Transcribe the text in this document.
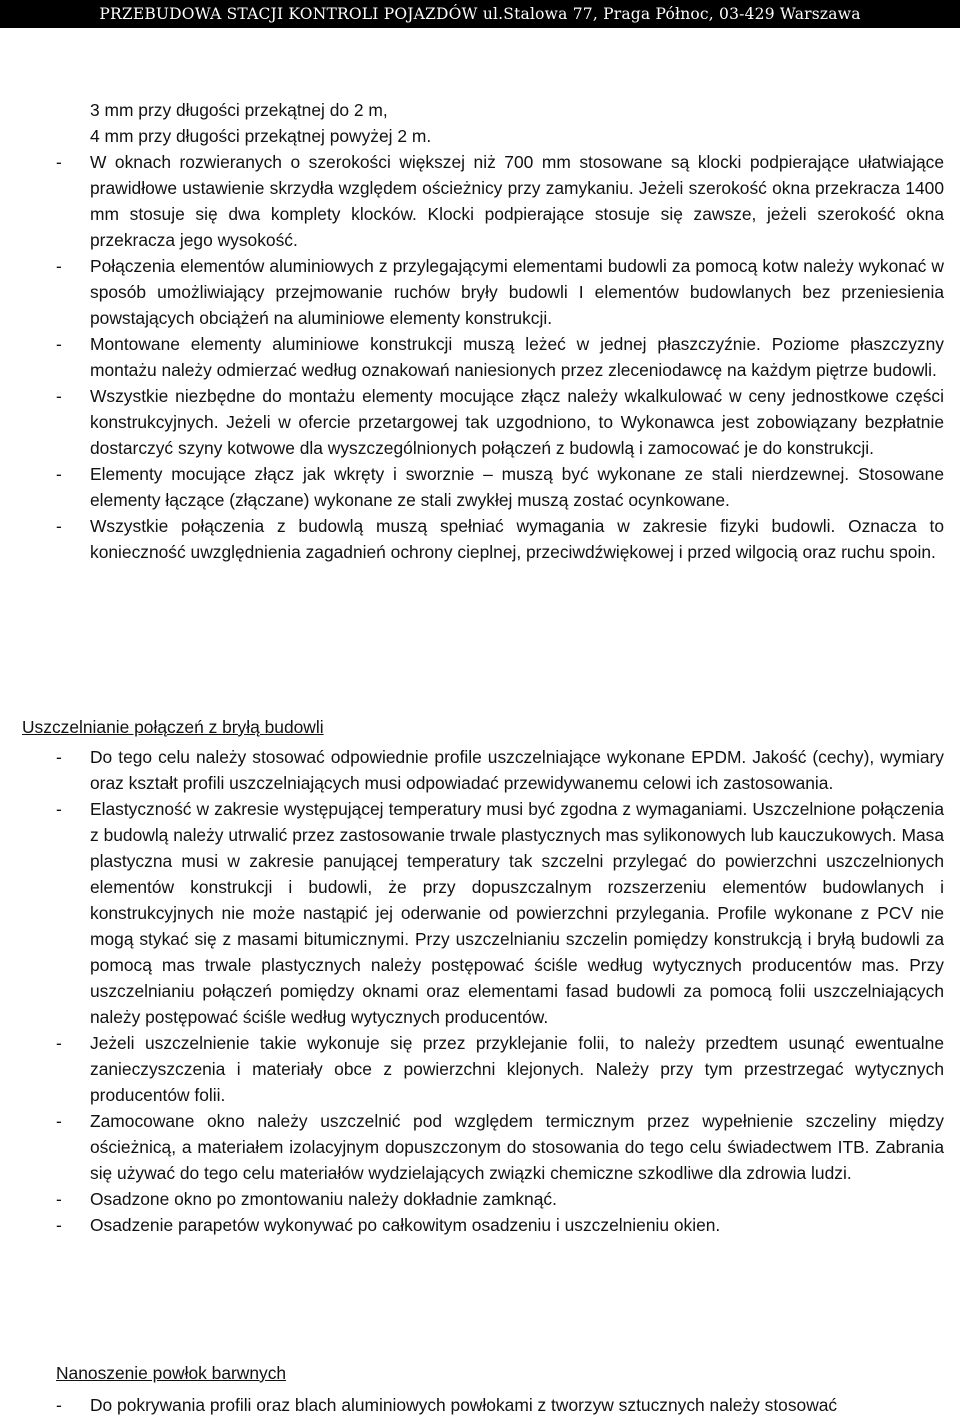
PRZEBUDOWA STACJI KONTROLI POJAZDÓW ul.Stalowa 77, Praga Północ, 03-429 Warszawa
3 mm przy długości przekątnej do 2 m,
4 mm przy długości przekątnej powyżej 2 m.
- W oknach rozwieranych o szerokości większej niż 700 mm stosowane są klocki podpierające ułatwiające prawidłowe ustawienie skrzydła względem ościeżnicy przy zamykaniu. Jeżeli szerokość okna przekracza 1400 mm stosuje się dwa komplety klocków. Klocki podpierające stosuje się zawsze, jeżeli szerokość okna przekracza jego wysokość.
- Połączenia elementów aluminiowych z przylegającymi elementami budowli za pomocą kotw należy wykonać w sposób umożliwiający przejmowanie ruchów bryły budowli I elementów budowlanych bez przeniesienia powstających obciążeń na aluminiowe elementy konstrukcji.
- Montowane elementy aluminiowe konstrukcji muszą leżeć w jednej płaszczyźnie. Poziome płaszczyzny montażu należy odmierzać według oznakowań naniesionych przez zleceniodawcę na każdym piętrze budowli.
- Wszystkie niezbędne do montażu elementy mocujące złącz należy wkalkulować w ceny jednostkowe części konstrukcyjnych. Jeżeli w ofercie przetargowej tak uzgodniono, to Wykonawca jest zobowiązany bezpłatnie dostarczyć szyny kotwowe dla wyszczególnionych połączeń z budowlą i zamocować je do konstrukcji.
- Elementy mocujące złącz jak wkręty i sworznie – muszą być wykonane ze stali nierdzewnej. Stosowane elementy łączące (złączane) wykonane ze stali zwykłej muszą zostać ocynkowane.
- Wszystkie połączenia z budowlą muszą spełniać wymagania w zakresie fizyki budowli. Oznacza to konieczność uwzględnienia zagadnień ochrony cieplnej, przeciwdźwiękowej i przed wilgocią oraz ruchu spoin.
Uszczelnianie połączeń z bryłą budowli
- Do tego celu należy stosować odpowiednie profile uszczelniające wykonane EPDM. Jakość (cechy), wymiary oraz kształt profili uszczelniających musi odpowiadać przewidywanemu celowi ich zastosowania.
- Elastyczność w zakresie występującej temperatury musi być zgodna z wymaganiami. Uszczelnione połączenia z budowlą należy utrwalić przez zastosowanie trwale plastycznych mas sylikonowych lub kauczukowych. Masa plastyczna musi w zakresie panującej temperatury tak szczelni przylegać do powierzchni uszczelnionych elementów konstrukcji i budowli, że przy dopuszczalnym rozszerzeniu elementów budowlanych i konstrukcyjnych nie może nastąpić jej oderwanie od powierzchni przylegania. Profile wykonane z PCV nie mogą stykać się z masami bitumicznymi. Przy uszczelnianiu szczelin pomiędzy konstrukcją i bryłą budowli za pomocą mas trwale plastycznych należy postępować ściśle według wytycznych producentów mas. Przy uszczelnianiu połączeń pomiędzy oknami oraz elementami fasad budowli za pomocą folii uszczelniających należy postępować ściśle według wytycznych producentów.
- Jeżeli uszczelnienie takie wykonuje się przez przyklejanie folii, to należy przedtem usunąć ewentualne zanieczyszczenia i materiały obce z powierzchni klejonych. Należy przy tym przestrzegać wytycznych producentów folii.
- Zamocowane okno należy uszczelnić pod względem termicznym przez wypełnienie szczeliny między ościeżnicą, a materiałem izolacyjnym dopuszczonym do stosowania do tego celu świadectwem ITB. Zabrania się używać do tego celu materiałów wydzielających związki chemiczne szkodliwe dla zdrowia ludzi.
- Osadzone okno po zmontowaniu należy dokładnie zamknąć.
- Osadzenie parapetów wykonywać po całkowitym osadzeniu i uszczelnieniu okien.
Nanoszenie powłok barwnych
- Do pokrywania profili oraz blach aluminiowych powłokami z tworzyw sztucznych należy stosować
